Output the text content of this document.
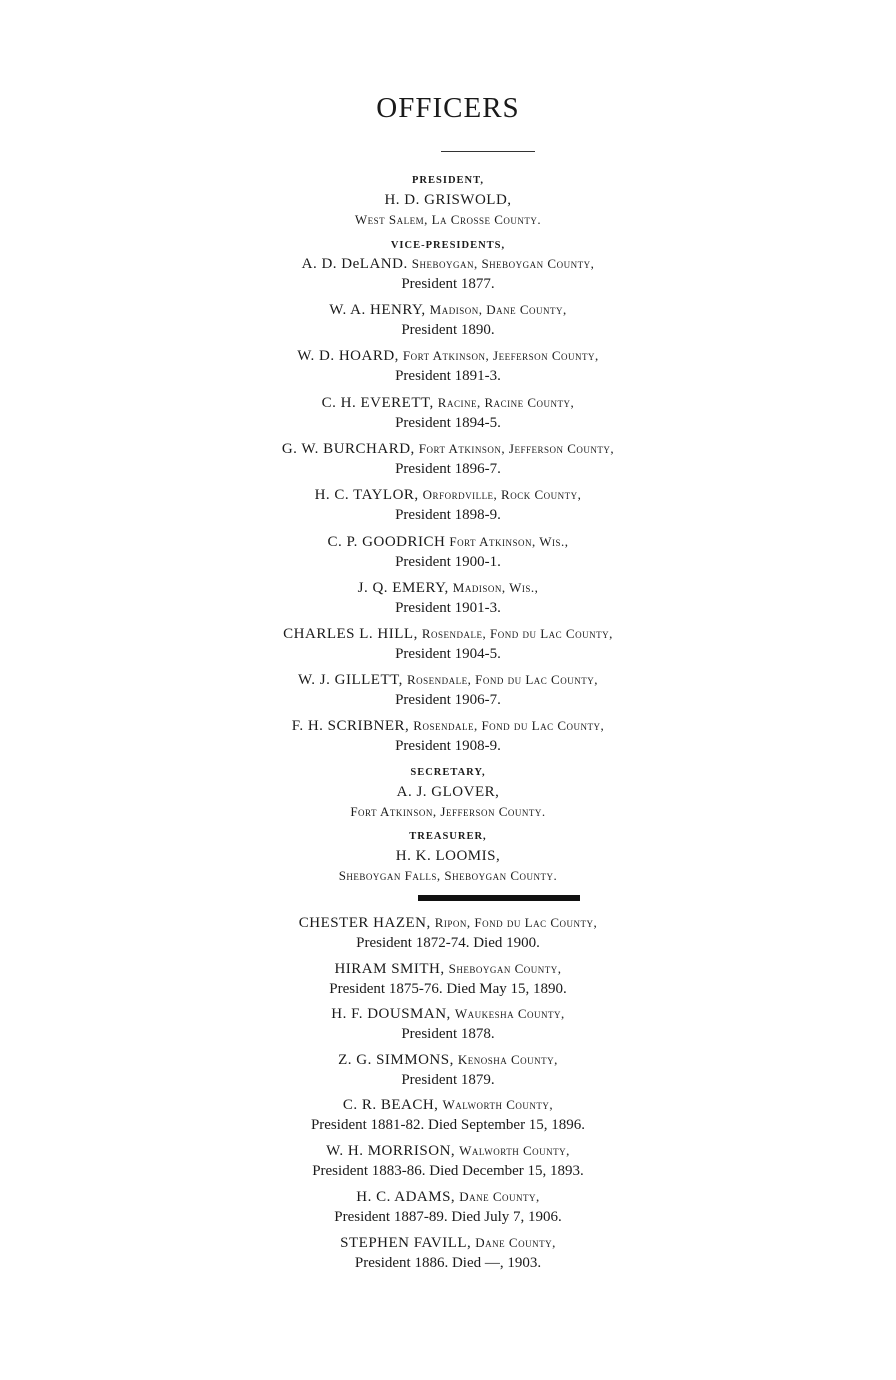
OFFICERS
PRESIDENT,
H. D. GRISWOLD,
West Salem, La Crosse County.
VICE-PRESIDENTS,
A. D. DeLAND. Sheboygan, Sheboygan County,
President 1877.
W. A. HENRY, Madison, Dane County,
President 1890.
W. D. HOARD, Fort Atkinson, Jeeferson County,
President 1891-3.
C. H. EVERETT, Racine, Racine County,
President 1894-5.
G. W. BURCHARD, Fort Atkinson, Jefferson County,
President 1896-7.
H. C. TAYLOR, Orfordville, Rock County,
President 1898-9.
C. P. GOODRICH Fort Atkinson, Wis.,
President 1900-1.
J. Q. EMERY, Madison, Wis.,
President 1901-3.
CHARLES L. HILL, Rosendale, Fond du Lac County,
President 1904-5.
W. J. GILLETT, Rosendale, Fond du Lac County,
President 1906-7.
F. H. SCRIBNER, Rosendale, Fond du Lac County,
President 1908-9.
SECRETARY,
A. J. GLOVER,
Fort Atkinson, Jefferson County.
TREASURER,
H. K. LOOMIS,
Sheboygan Falls, Sheboygan County.
CHESTER HAZEN, Ripon, Fond du Lac County,
President 1872-74. Died 1900.
HIRAM SMITH, Sheboygan County,
President 1875-76. Died May 15, 1890.
H. F. DOUSMAN, Waukesha County,
President 1878.
Z. G. SIMMONS, Kenosha County,
President 1879.
C. R. BEACH, Walworth County,
President 1881-82. Died September 15, 1896.
W. H. MORRISON, Walworth County,
President 1883-86. Died December 15, 1893.
H. C. ADAMS, Dane County,
President 1887-89. Died July 7, 1906.
STEPHEN FAVILL, Dane County,
President 1886. Died —, 1903.
